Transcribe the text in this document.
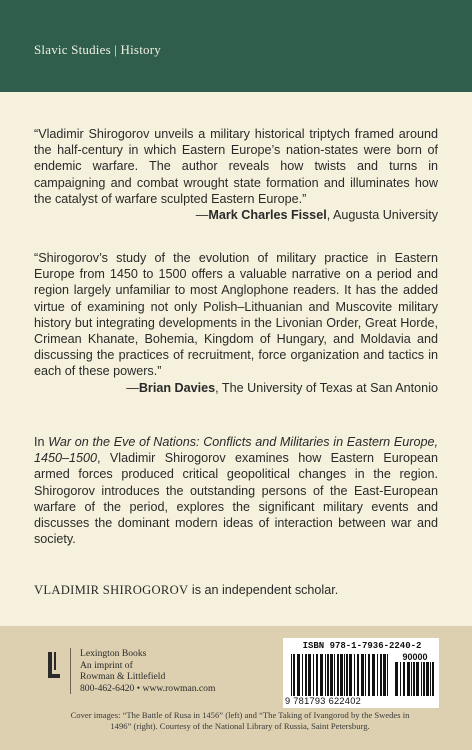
Slavic Studies | History

“Vladimir Shirogorov unveils a military historical triptych framed around the half-century in which Eastern Europe’s nation-states were born of endemic warfare. The author reveals how twists and turns in campaigning and combat wrought state formation and illuminates how the catalyst of warfare sculpted Eastern Europe.”

—Mark Charles Fissel, Augusta University

“Shirogorov’s study of the evolution of military practice in Eastern Europe from 1450 to 1500 offers a valuable narrative on a period and region largely unfamiliar to most Anglophone readers. It has the added virtue of examining not only Polish–Lithuanian and Muscovite military history but integrating developments in the Livonian Order, Great Horde, Crimean Khanate, Bohemia, Kingdom of Hungary, and Moldavia and discussing the practices of recruitment, force organization and tactics in each of these powers.”

—Brian Davies, The University of Texas at San Antonio

In War on the Eve of Nations: Conflicts and Militaries in Eastern Europe, 1450–1500, Vladimir Shirogorov examines how Eastern European armed forces produced critical geopolitical changes in the region. Shirogorov introduces the outstanding persons of the East-European warfare of the period, explores the significant military events and discusses the dominant modern ideas of interaction between war and society.

VLADIMIR SHIROGOROV is an independent scholar.
Lexington Books
An imprint of
Rowman & Littlefield
800-462-6420 • www.rowman.com
ISBN 978-1-7936-2240-2
90000
9 781793 622402
Cover images: “The Battle of Rusa in 1456” (left) and “The Taking of Ivangorod by the Swedes in 1496” (right). Courtesy of the National Library of Russia, Saint Petersburg.
